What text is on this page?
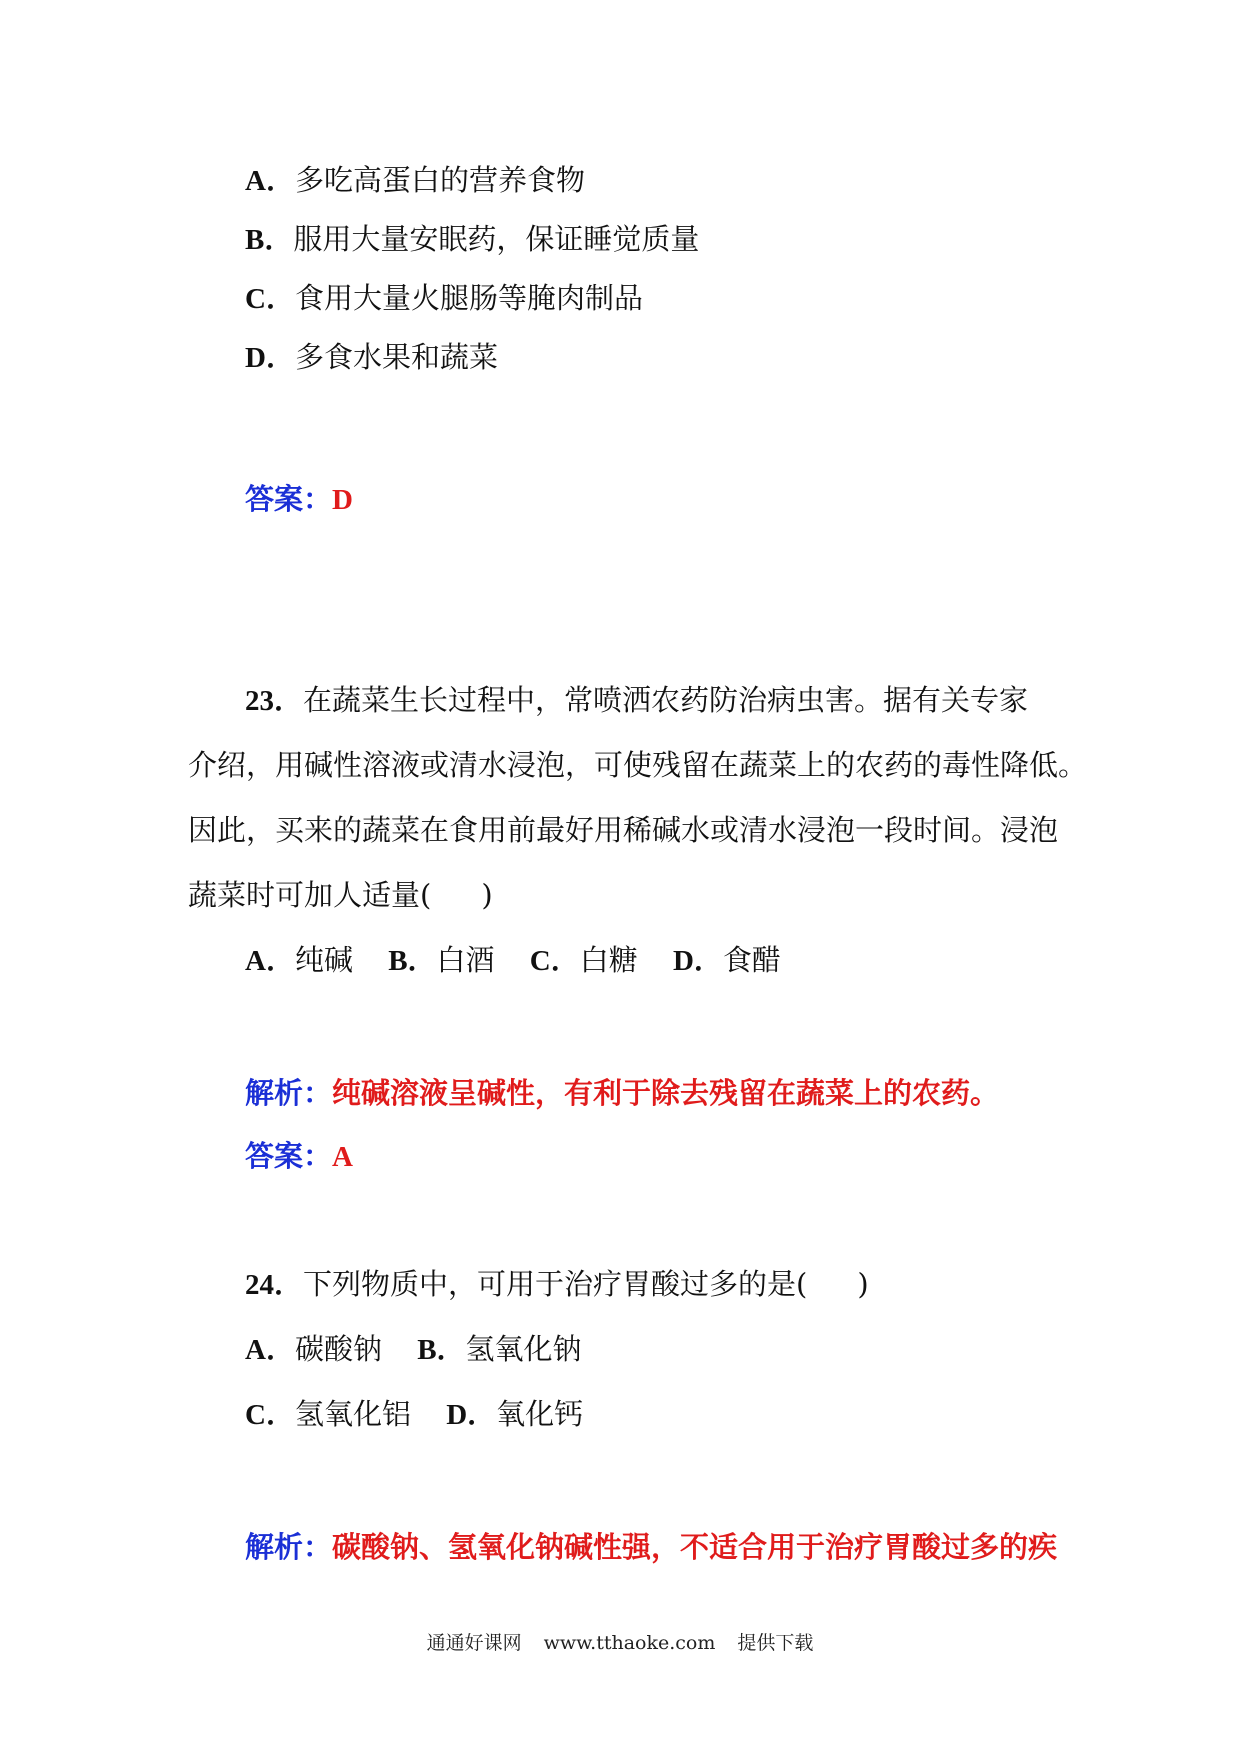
A．多吃高蛋白的营养食物
B．服用大量安眠药，保证睡觉质量
C．食用大量火腿肠等腌肉制品
D．多食水果和蔬菜
答案：D
23．在蔬菜生长过程中，常喷洒农药防治病虫害。据有关专家
介绍，用碱性溶液或清水浸泡，可使残留在蔬菜上的农药的毒性降低。
因此，买来的蔬菜在食用前最好用稀碱水或清水浸泡一段时间。浸泡
蔬菜时可加人适量( )
A．纯碱 B．白酒 C．白糖 D．食醋
解析：纯碱溶液呈碱性，有利于除去残留在蔬菜上的农药。
答案：A
24．下列物质中，可用于治疗胃酸过多的是( )
A．碳酸钠 B．氢氧化钠
C．氢氧化铝 D．氧化钙
解析：碳酸钠、氢氧化钠碱性强，不适合用于治疗胃酸过多的疾
通通好课网 www.tthaoke.com 提供下载
